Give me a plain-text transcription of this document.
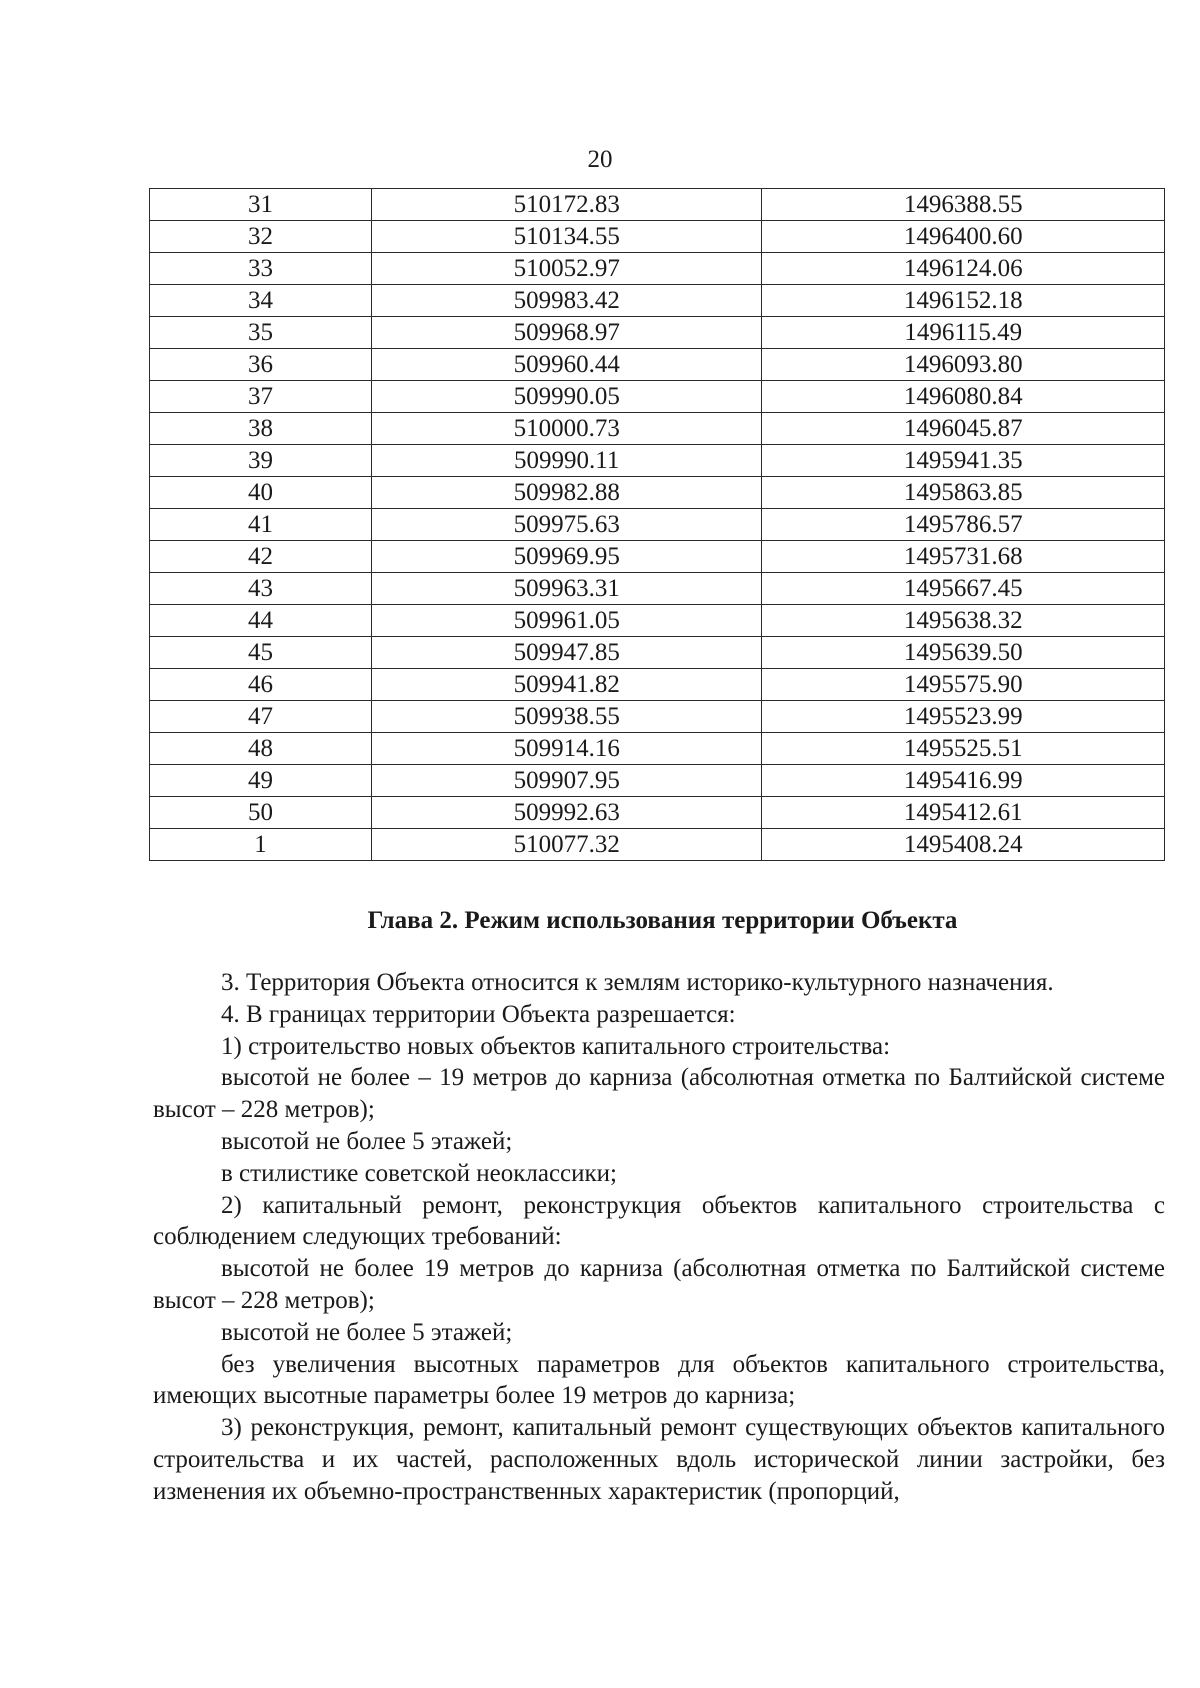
20
31	510172.83	1496388.55
32	510134.55	1496400.60
33	510052.97	1496124.06
34	509983.42	1496152.18
35	509968.97	1496115.49
36	509960.44	1496093.80
37	509990.05	1496080.84
38	510000.73	1496045.87
39	509990.11	1495941.35
40	509982.88	1495863.85
41	509975.63	1495786.57
42	509969.95	1495731.68
43	509963.31	1495667.45
44	509961.05	1495638.32
45	509947.85	1495639.50
46	509941.82	1495575.90
47	509938.55	1495523.99
48	509914.16	1495525.51
49	509907.95	1495416.99
50	509992.63	1495412.61
1	510077.32	1495408.24
Глава 2. Режим использования территории Объекта

3. Территория Объекта относится к землям историко-культурного назначения.

4. В границах территории Объекта разрешается:

1) строительство новых объектов капитального строительства:

высотой не более – 19 метров до карниза (абсолютная отметка по Балтийской системе высот – 228 метров);

высотой не более 5 этажей;

в стилистике советской неоклассики;

2) капитальный ремонт, реконструкция объектов капитального строительства с соблюдением следующих требований:

высотой не более 19 метров до карниза (абсолютная отметка по Балтийской системе высот – 228 метров);

высотой не более 5 этажей;

без увеличения высотных параметров для объектов капитального строительства, имеющих высотные параметры более 19 метров до карниза;

3) реконструкция, ремонт, капитальный ремонт существующих объектов капитального строительства и их частей, расположенных вдоль исторической линии застройки, без изменения их объемно-пространственных характеристик (пропорций,
